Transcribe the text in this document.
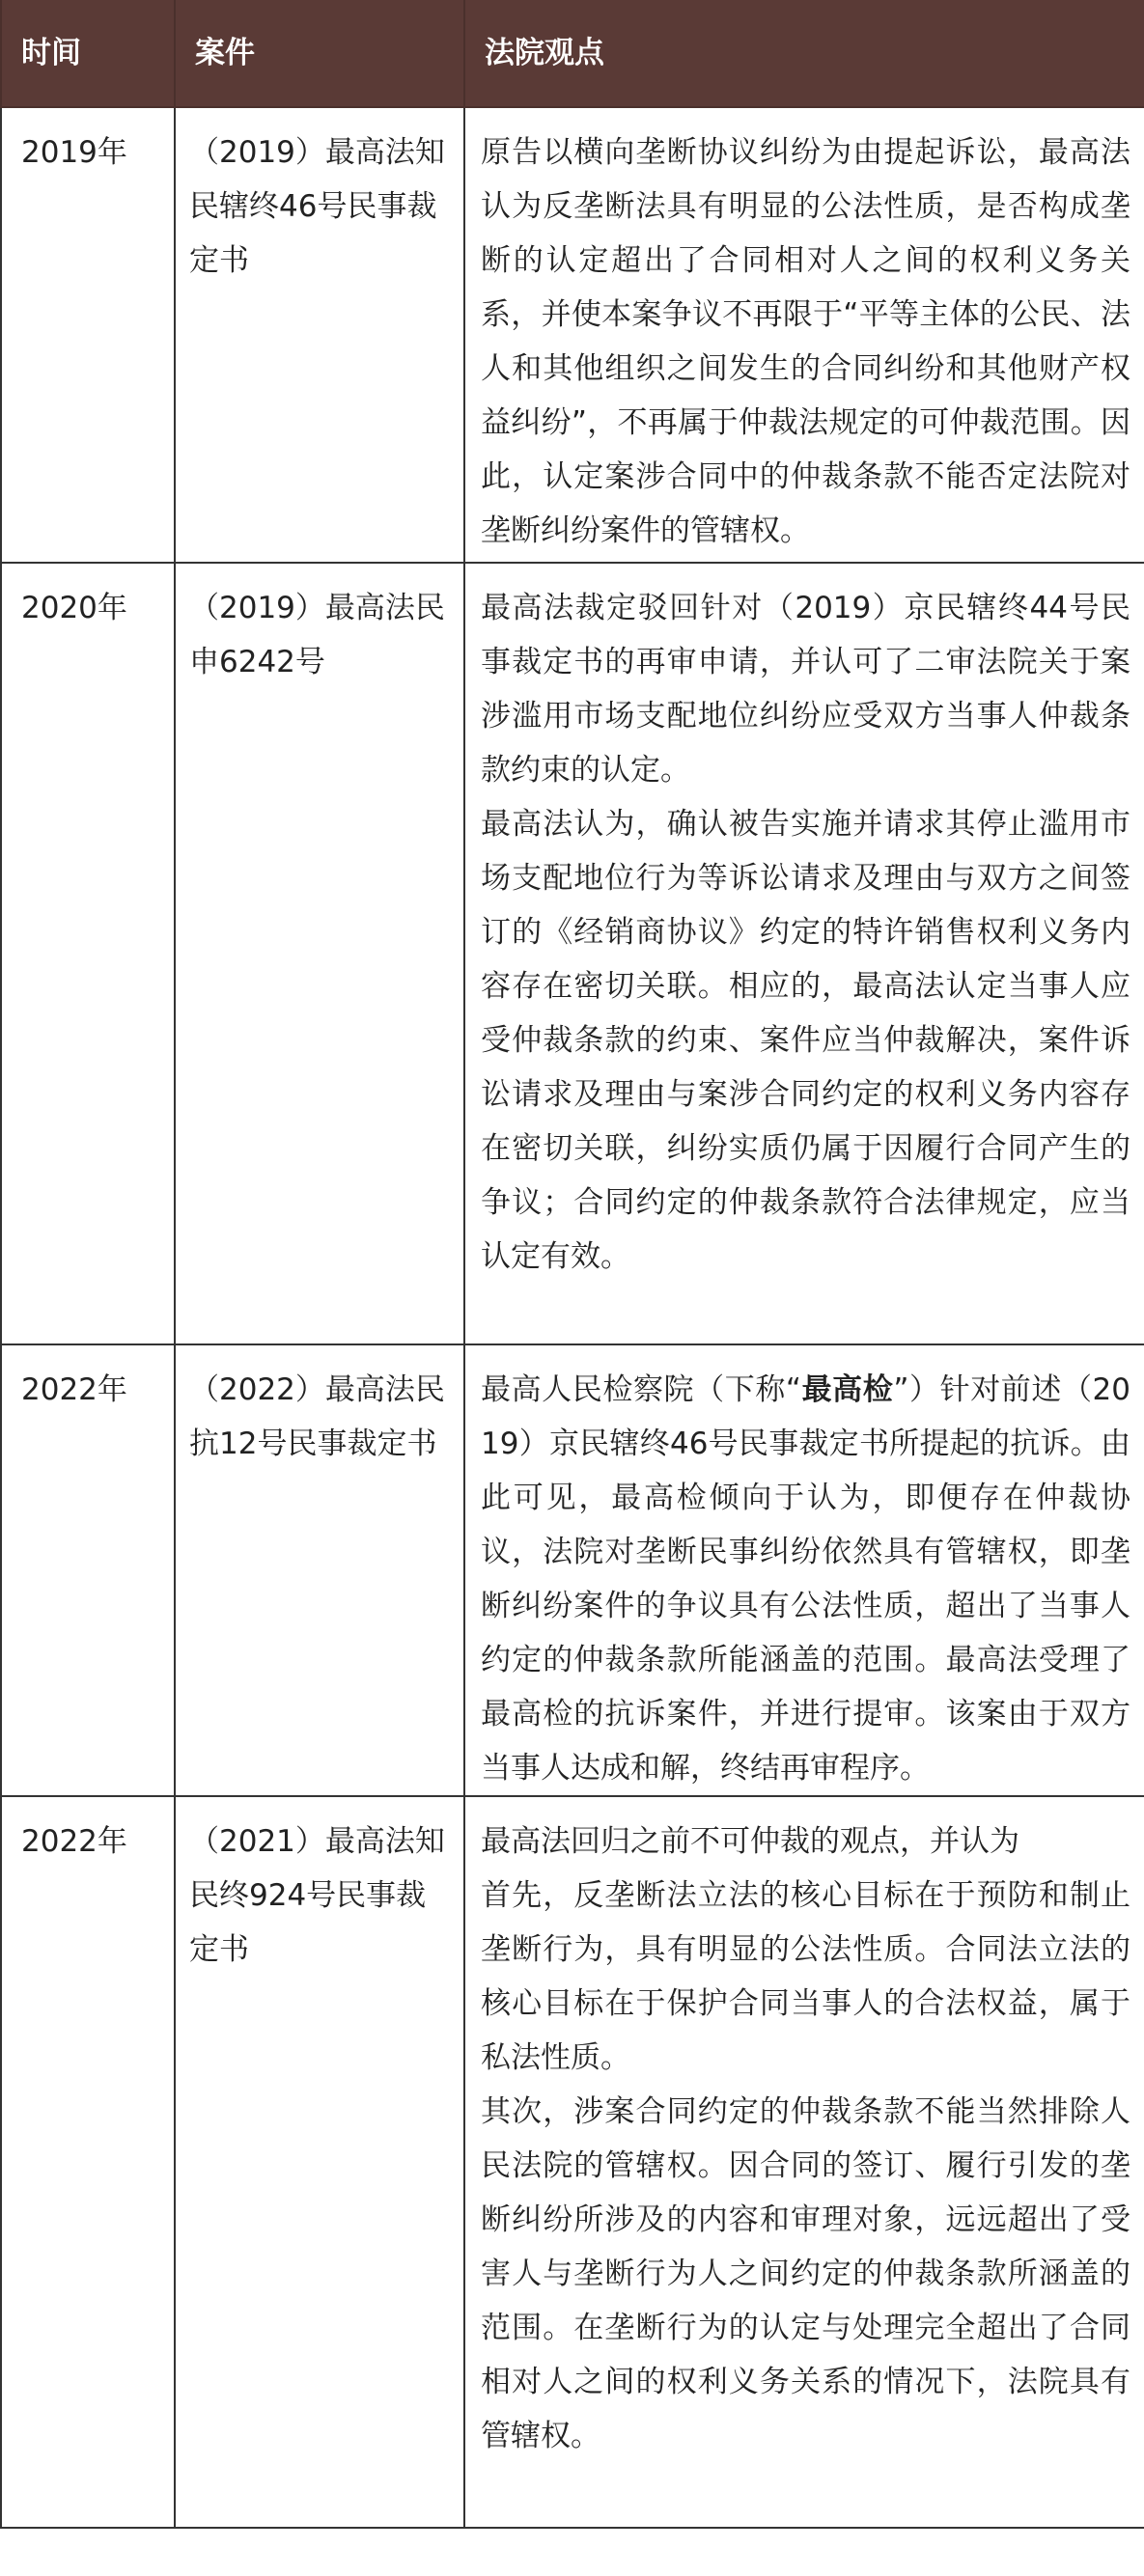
时间	案件	法院观点
2019年	（2019）最高法知民辖终46号民事裁定书	原告以横向垄断协议纠纷为由提起诉讼，最高法认为反垄断法具有明显的公法性质，是否构成垄断的认定超出了合同相对人之间的权利义务关系，并使本案争议不再限于“平等主体的公民、法人和其他组织之间发生的合同纠纷和其他财产权益纠纷”，不再属于仲裁法规定的可仲裁范围。因此，认定案涉合同中的仲裁条款不能否定法院对垄断纠纷案件的管辖权。

2020年	（2019）最高法民申6242号	最高法裁定驳回针对（2019）京民辖终44号民事裁定书的再审申请，并认可了二审法院关于案涉滥用市场支配地位纠纷应受双方当事人仲裁条款约束的认定。

最高法认为，确认被告实施并请求其停止滥用市场支配地位行为等诉讼请求及理由与双方之间签订的《经销商协议》约定的特许销售权利义务内容存在密切关联。相应的，最高法认定当事人应受仲裁条款的约束、案件应当仲裁解决，案件诉讼请求及理由与案涉合同约定的权利义务内容存在密切关联，纠纷实质仍属于因履行合同产生的争议；合同约定的仲裁条款符合法律规定，应当认定有效。

2022年	（2022）最高法民抗12号民事裁定书	最高人民检察院（下称“最高检”）针对前述（2019）京民辖终46号民事裁定书所提起的抗诉。由此可见，最高检倾向于认为，即便存在仲裁协议，法院对垄断民事纠纷依然具有管辖权，即垄断纠纷案件的争议具有公法性质，超出了当事人约定的仲裁条款所能涵盖的范围。最高法受理了最高检的抗诉案件，并进行提审。该案由于双方当事人达成和解，终结再审程序。

2022年	（2021）最高法知民终924号民事裁定书	最高法回归之前不可仲裁的观点，并认为

首先，反垄断法立法的核心目标在于预防和制止垄断行为，具有明显的公法性质。合同法立法的核心目标在于保护合同当事人的合法权益，属于私法性质。

其次，涉案合同约定的仲裁条款不能当然排除人民法院的管辖权。因合同的签订、履行引发的垄断纠纷所涉及的内容和审理对象，远远超出了受害人与垄断行为人之间约定的仲裁条款所涵盖的范围。在垄断行为的认定与处理完全超出了合同相对人之间的权利义务关系的情况下，法院具有管辖权。
